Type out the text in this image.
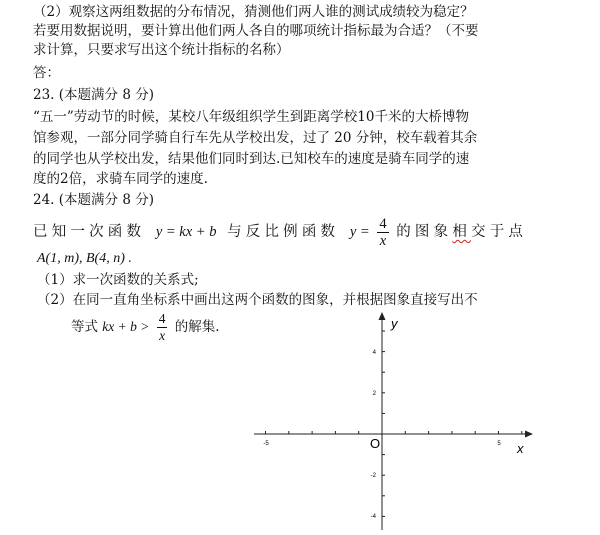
（2）观察这两组数据的分布情况，猜测他们两人谁的测试成绩较为稳定？
若要用数据说明，要计算出他们两人各自的哪项统计指标最为合适？（不要
求计算，只要求写出这个统计指标的名称）
答：
23. (本题满分 8 分)
“五一”劳动节的时候，某校八年级组织学生到距离学校10千米的大桥博物
馆参观，一部分同学骑自行车先从学校出发，过了 20 分钟，校车载着其余
的同学也从学校出发，结果他们同时到达.已知校车的速度是骑车同学的速
度的2倍，求骑车同学的速度.
24. (本题满分 8 分)
已知一次函数 y = kx + b 与反比例函数 $y = \frac{4}{x}$ 的图象相交于点
A(1, m), B(4, n) .
（1）求一次函数的关系式;
（2）在同一直角坐标系中画出这两个函数的图象，并根据图象直接写出不
等式 kx + $b > \frac{4}{x}$ 的解集.
O	x
y
-5	5
4
2
-2
-4
